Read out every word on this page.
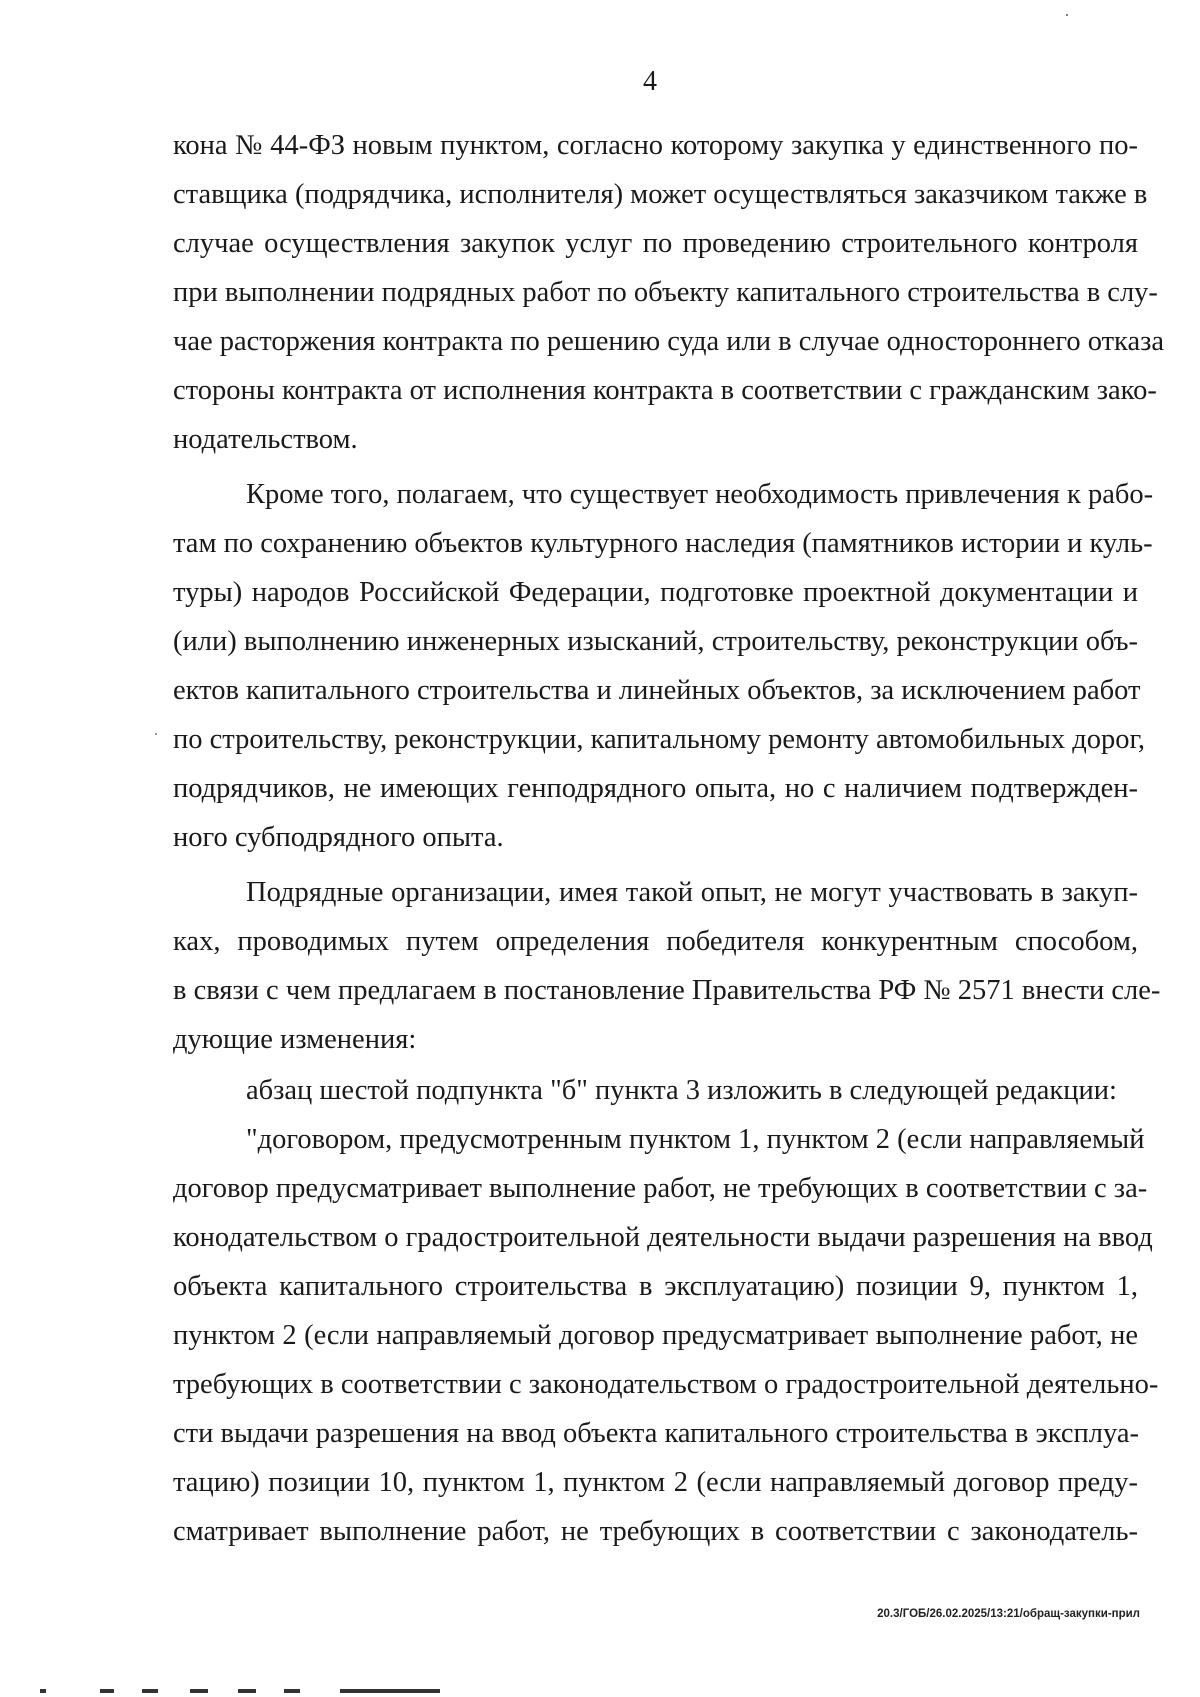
4
кона № 44-ФЗ новым пунктом, согласно которому закупка у единственного по-
ставщика (подрядчика, исполнителя) может осуществляться заказчиком также в
случае осуществления закупок услуг по проведению строительного контроля
при выполнении подрядных работ по объекту капитального строительства в слу-
чае расторжения контракта по решению суда или в случае одностороннего отказа
стороны контракта от исполнения контракта в соответствии с гражданским зако-
нодательством.
Кроме того, полагаем, что существует необходимость привлечения к рабо-
там по сохранению объектов культурного наследия (памятников истории и куль-
туры) народов Российской Федерации, подготовке проектной документации и
(или) выполнению инженерных изысканий, строительству, реконструкции объ-
ектов капитального строительства и линейных объектов, за исключением работ
по строительству, реконструкции, капитальному ремонту автомобильных дорог,
подрядчиков, не имеющих генподрядного опыта, но с наличием подтвержден-
ного субподрядного опыта.
Подрядные организации, имея такой опыт, не могут участвовать в закуп-
ках, проводимых путем определения победителя конкурентным способом,
в связи с чем предлагаем в постановление Правительства РФ № 2571 внести сле-
дующие изменения:
абзац шестой подпункта "б" пункта 3 изложить в следующей редакции:
"договором, предусмотренным пунктом 1, пунктом 2 (если направляемый
договор предусматривает выполнение работ, не требующих в соответствии с за-
конодательством о градостроительной деятельности выдачи разрешения на ввод
объекта капитального строительства в эксплуатацию) позиции 9, пунктом 1,
пунктом 2 (если направляемый договор предусматривает выполнение работ, не
требующих в соответствии с законодательством о градостроительной деятельно-
сти выдачи разрешения на ввод объекта капитального строительства в эксплуа-
тацию) позиции 10, пунктом 1, пунктом 2 (если направляемый договор преду-
сматривает выполнение работ, не требующих в соответствии с законодатель-
20.3/ГОБ/26.02.2025/13:21/обращ-закупки-прил
